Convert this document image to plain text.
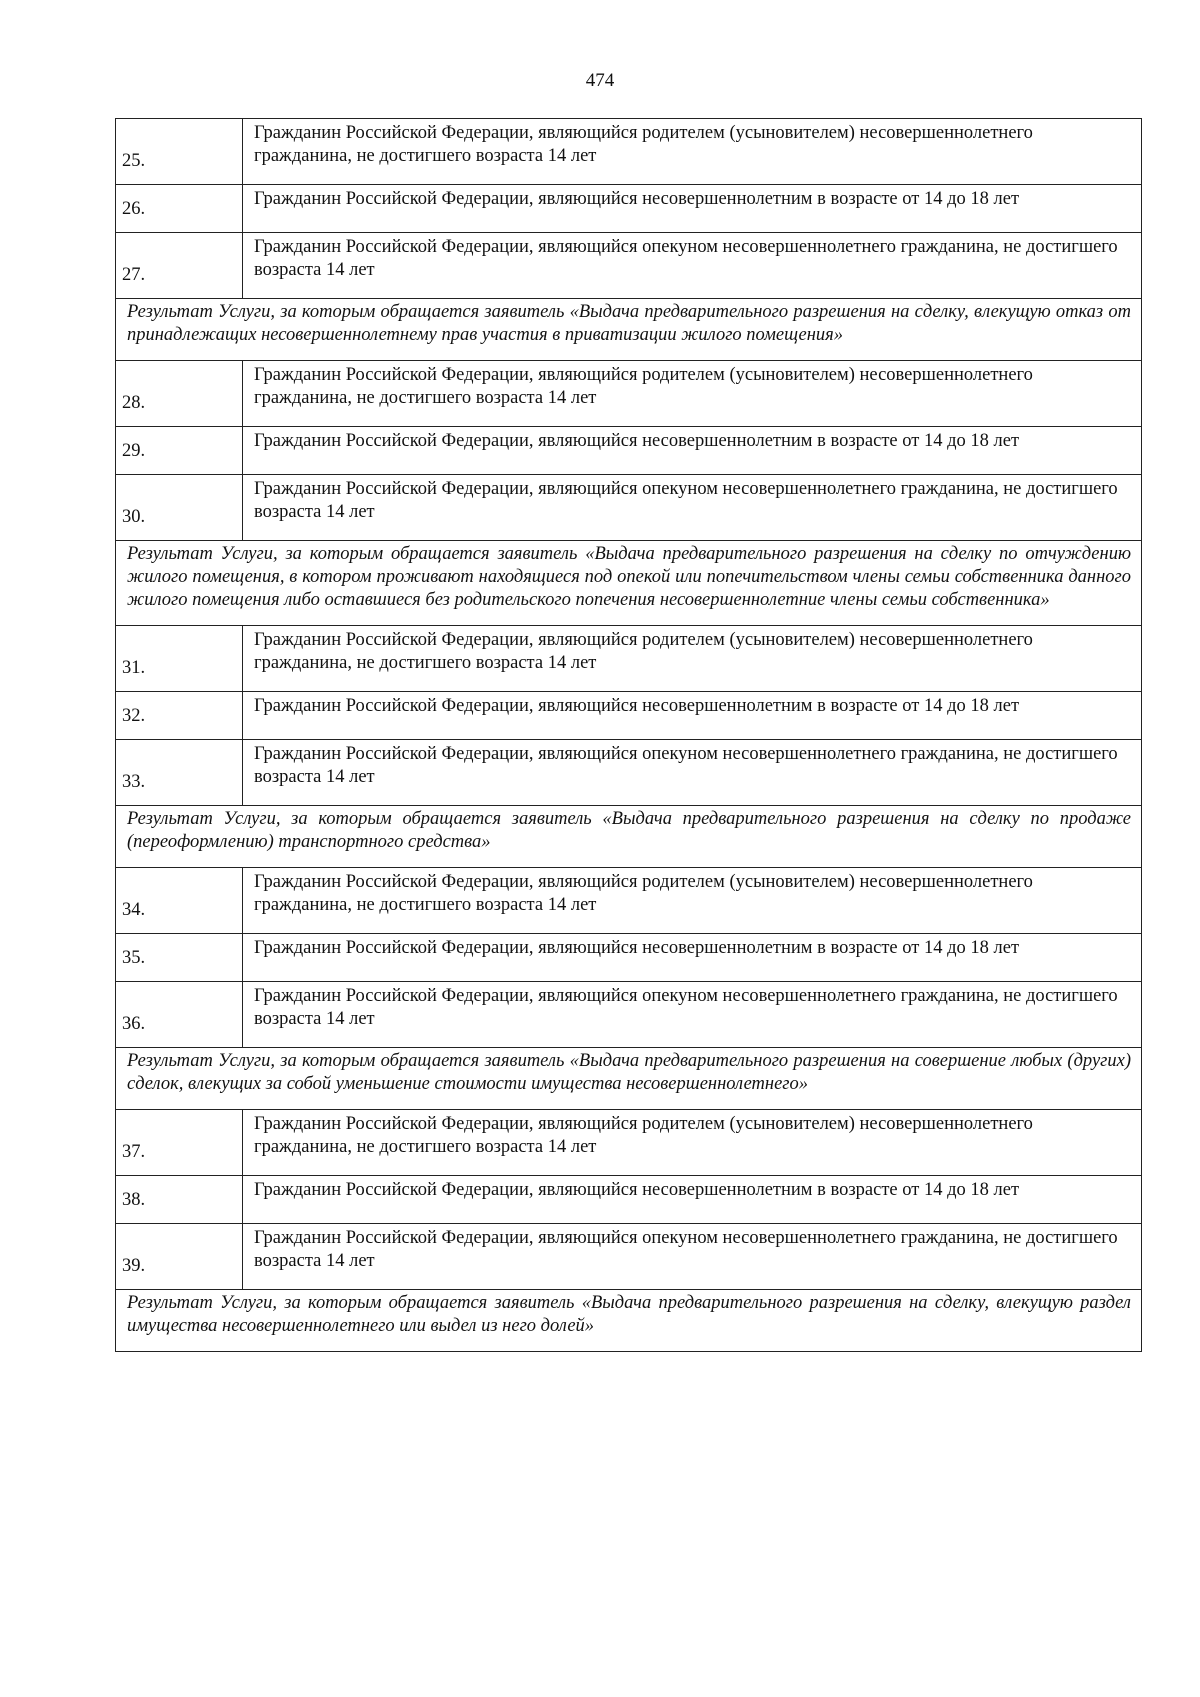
474
25.	Гражданин Российской Федерации, являющийся родителем (усыновителем) несовершеннолетнего гражданина, не достигшего возраста 14 лет

26.	Гражданин Российской Федерации, являющийся несовершеннолетним в возрасте от 14 до 18 лет

27.	Гражданин Российской Федерации, являющийся опекуном несовершеннолетнего гражданина, не достигшего возраста 14 лет
Результат Услуги, за которым обращается заявитель «Выдача предварительного разрешения на сделку, влекущую отказ от принадлежащих несовершеннолетнему прав участия в приватизации жилого помещения»	

28.	Гражданин Российской Федерации, являющийся родителем (усыновителем) несовершеннолетнего гражданина, не достигшего возраста 14 лет

29.	Гражданин Российской Федерации, являющийся несовершеннолетним в возрасте от 14 до 18 лет

30.	Гражданин Российской Федерации, являющийся опекуном несовершеннолетнего гражданина, не достигшего возраста 14 лет
Результат Услуги, за которым обращается заявитель «Выдача предварительного разрешения на сделку по отчуждению жилого помещения, в котором проживают находящиеся под опекой или попечительством члены семьи собственника данного жилого помещения либо оставшиеся без родительского попечения несовершеннолетние члены семьи собственника»	

31.	Гражданин Российской Федерации, являющийся родителем (усыновителем) несовершеннолетнего гражданина, не достигшего возраста 14 лет

32.	Гражданин Российской Федерации, являющийся несовершеннолетним в возрасте от 14 до 18 лет

33.	Гражданин Российской Федерации, являющийся опекуном несовершеннолетнего гражданина, не достигшего возраста 14 лет
Результат Услуги, за которым обращается заявитель «Выдача предварительного разрешения на сделку по продаже (переоформлению) транспортного средства»	

34.	Гражданин Российской Федерации, являющийся родителем (усыновителем) несовершеннолетнего гражданина, не достигшего возраста 14 лет

35.	Гражданин Российской Федерации, являющийся несовершеннолетним в возрасте от 14 до 18 лет

36.	Гражданин Российской Федерации, являющийся опекуном несовершеннолетнего гражданина, не достигшего возраста 14 лет
Результат Услуги, за которым обращается заявитель «Выдача предварительного разрешения на совершение любых (других) сделок, влекущих за собой уменьшение стоимости имущества несовершеннолетнего»	

37.	Гражданин Российской Федерации, являющийся родителем (усыновителем) несовершеннолетнего гражданина, не достигшего возраста 14 лет

38.	Гражданин Российской Федерации, являющийся несовершеннолетним в возрасте от 14 до 18 лет

39.	Гражданин Российской Федерации, являющийся опекуном несовершеннолетнего гражданина, не достигшего возраста 14 лет
Результат Услуги, за которым обращается заявитель «Выдача предварительного разрешения на сделку, влекущую раздел имущества несовершеннолетнего или выдел из него долей»	
